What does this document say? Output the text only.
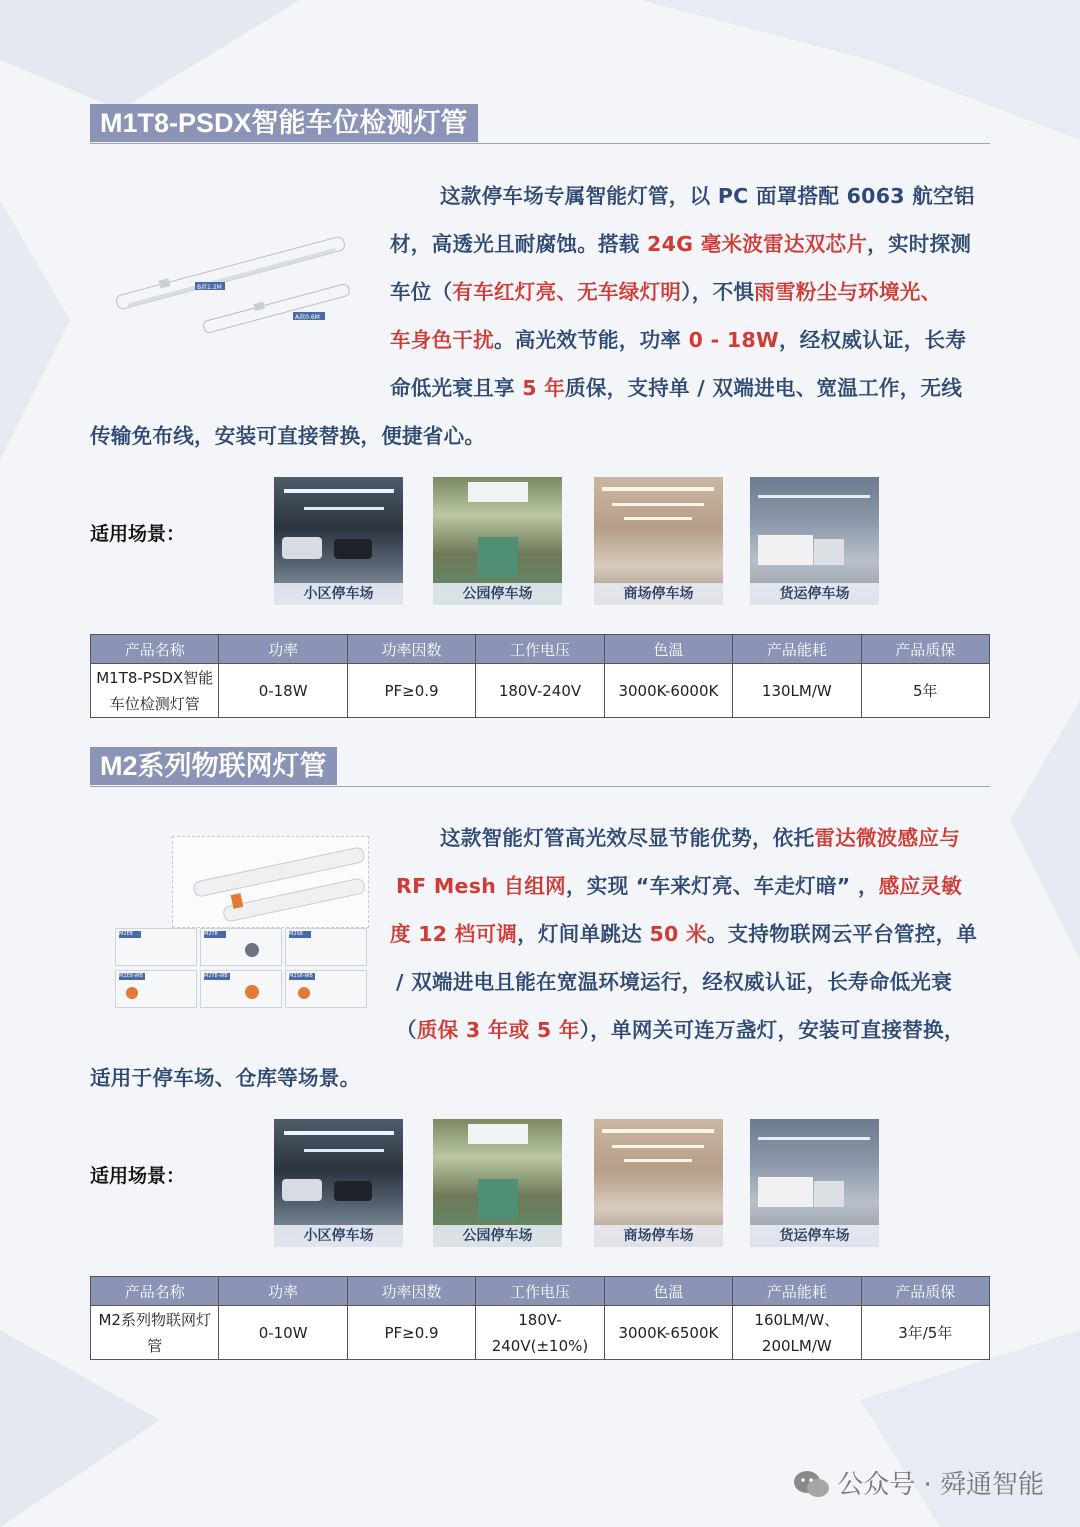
M1T8-PSDX智能车位检测灯管
B款1.2M
A款0.6M
这款停车场专属智能灯管，以 PC 面罩搭配 6063 航空铝
材，高透光且耐腐蚀。搭载 24G 毫米波雷达双芯片，实时探测
车位（有车红灯亮、无车绿灯明），不惧雨雪粉尘与环境光、
车身色干扰。高光效节能，功率 0 - 18W，经权威认证，长寿
命低光衰且享 5 年质保，支持单 / 双端进电、宽温工作，无线
传输免布线，安装可直接替换，便捷省心。
适用场景：
小区停车场	公园停车场	商场停车场	货运停车场
产品名称	功率	功率因数	工作电压	色温	产品能耗	产品质保
M1T8-PSDX智能车位检测灯管	0-18W	PF≥0.9	180V-240V	3000K-6000K	130LM/W	5年
M2系列物联网灯管
M2E8	M2T8	M2S8
M2E8-WB	M2T8-WB	M2S8-WB
这款智能灯管高光效尽显节能优势，依托雷达微波感应与
RF Mesh 自组网，实现 “车来灯亮、车走灯暗” ，感应灵敏
度 12 档可调，灯间单跳达 50 米。支持物联网云平台管控，单
/ 双端进电且能在宽温环境运行，经权威认证，长寿命低光衰
（质保 3 年或 5 年），单网关可连万盏灯，安装可直接替换，
适用于停车场、仓库等场景。
适用场景：
小区停车场	公园停车场	商场停车场	货运停车场
产品名称	功率	功率因数	工作电压	色温	产品能耗	产品质保
M2系列物联网灯管	0-10W	PF≥0.9	180V-240V(±10%)	3000K-6500K	160LM/W、200LM/W	3年/5年
公众号 · 舜通智能
